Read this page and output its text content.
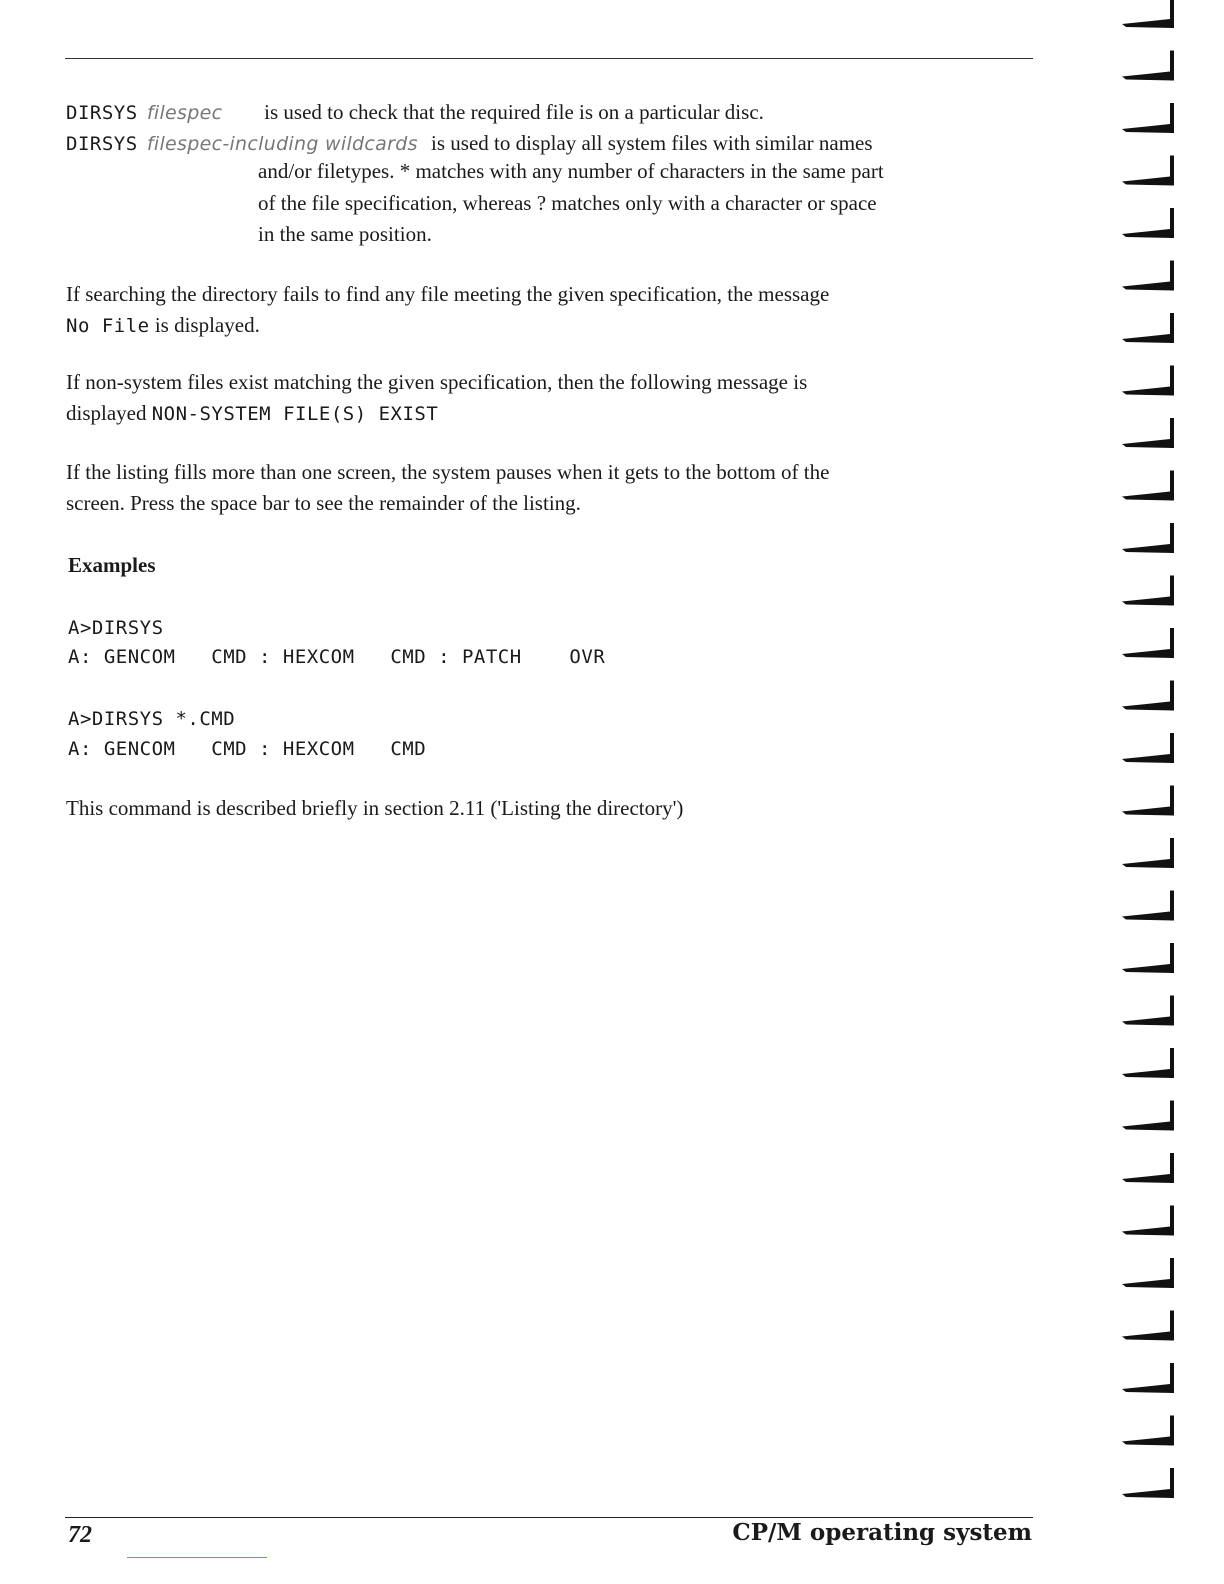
DIRSYS filespec is used to check that the required file is on a particular disc.
DIRSYS filespec-including wildcards is used to display all system files with similar names
and/or filetypes. * matches with any number of characters in the same part
of the file specification, whereas ? matches only with a character or space
in the same position.
If searching the directory fails to find any file meeting the given specification, the message
No File is displayed.
If non-system files exist matching the given specification, then the following message is
displayed NON-SYSTEM FILE(S) EXIST
If the listing fills more than one screen, the system pauses when it gets to the bottom of the
screen. Press the space bar to see the remainder of the listing.
Examples
A>DIRSYS
A: GENCOM   CMD : HEXCOM   CMD : PATCH    OVR
A>DIRSYS *.CMD
A: GENCOM   CMD : HEXCOM   CMD
This command is described briefly in section 2.11 ('Listing the directory')
72	CP/M operating system
